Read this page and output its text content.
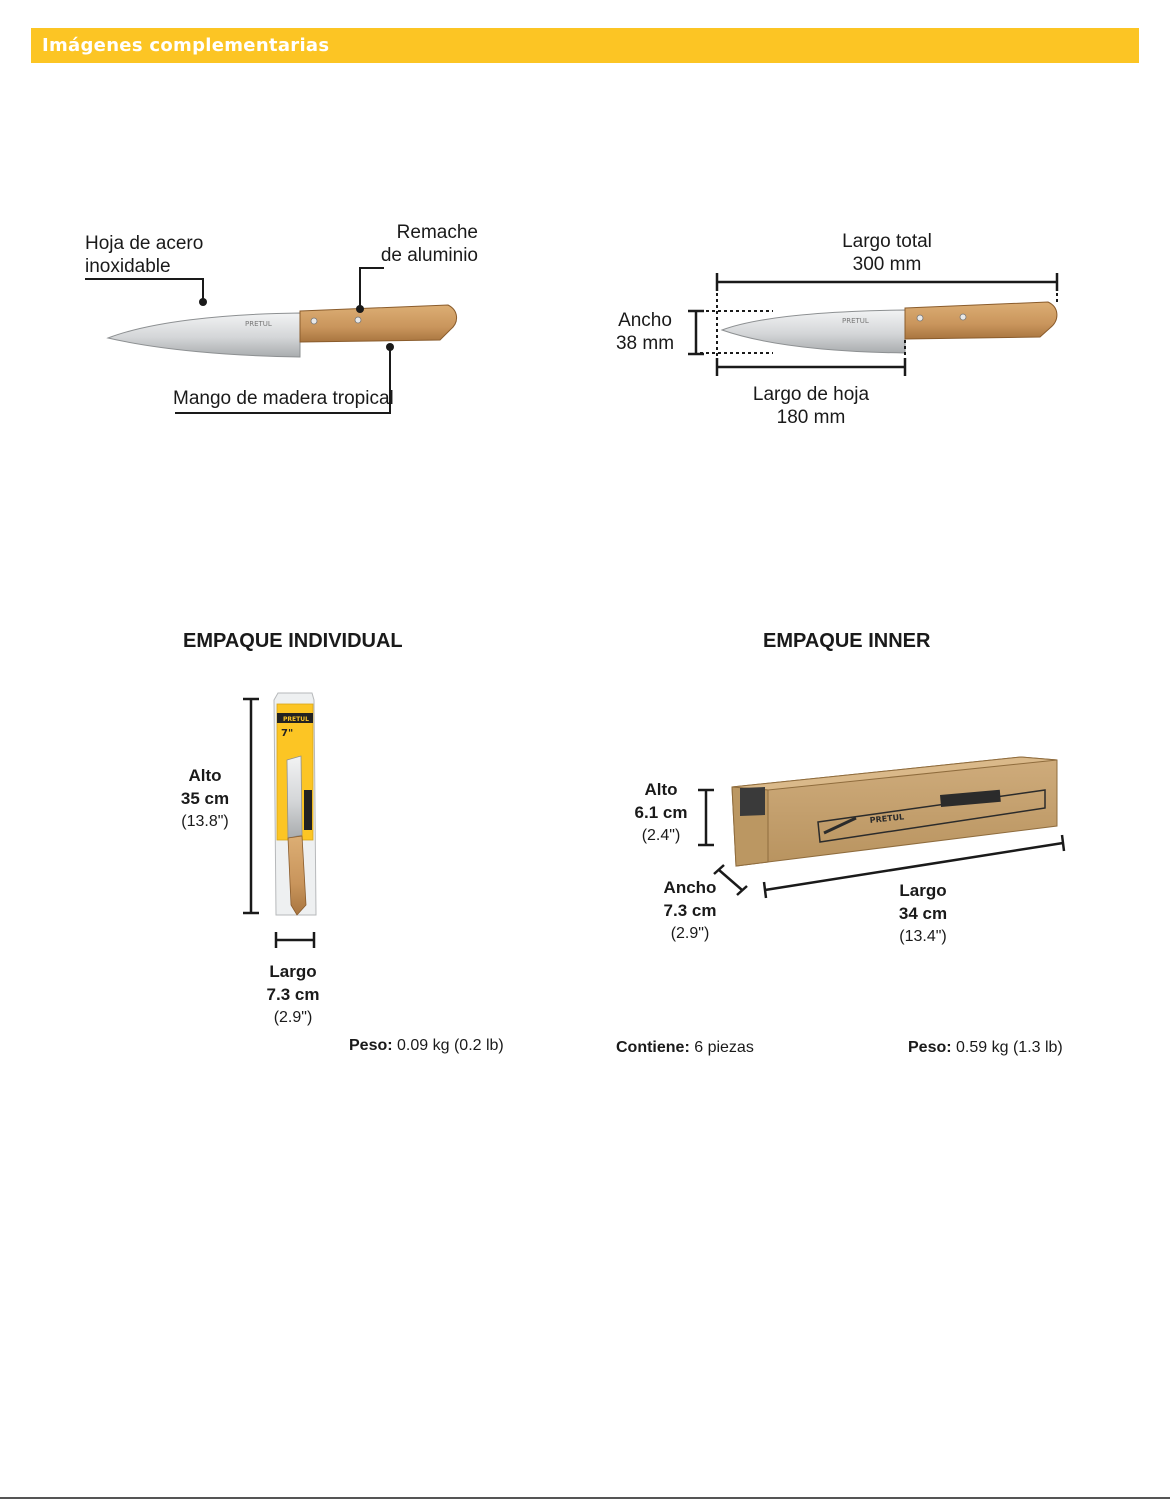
Imágenes complementarias
PRETUL	PRETUL
PRETUL
7"
PRETUL
Hoja de acero
inoxidable
Remache
de aluminio
Mango de madera tropical
Largo total
300 mm
Ancho
38 mm
Largo de hoja
180 mm
EMPAQUE INDIVIDUAL
Alto
35 cm
(13.8")
Largo
7.3 cm
(2.9")
Peso: 0.09 kg (0.2 lb)
EMPAQUE INNER
Alto
6.1 cm
(2.4")
Ancho
7.3 cm
(2.9")
Largo
34 cm
(13.4")
Contiene: 6 piezas	Peso: 0.59 kg (1.3 lb)
